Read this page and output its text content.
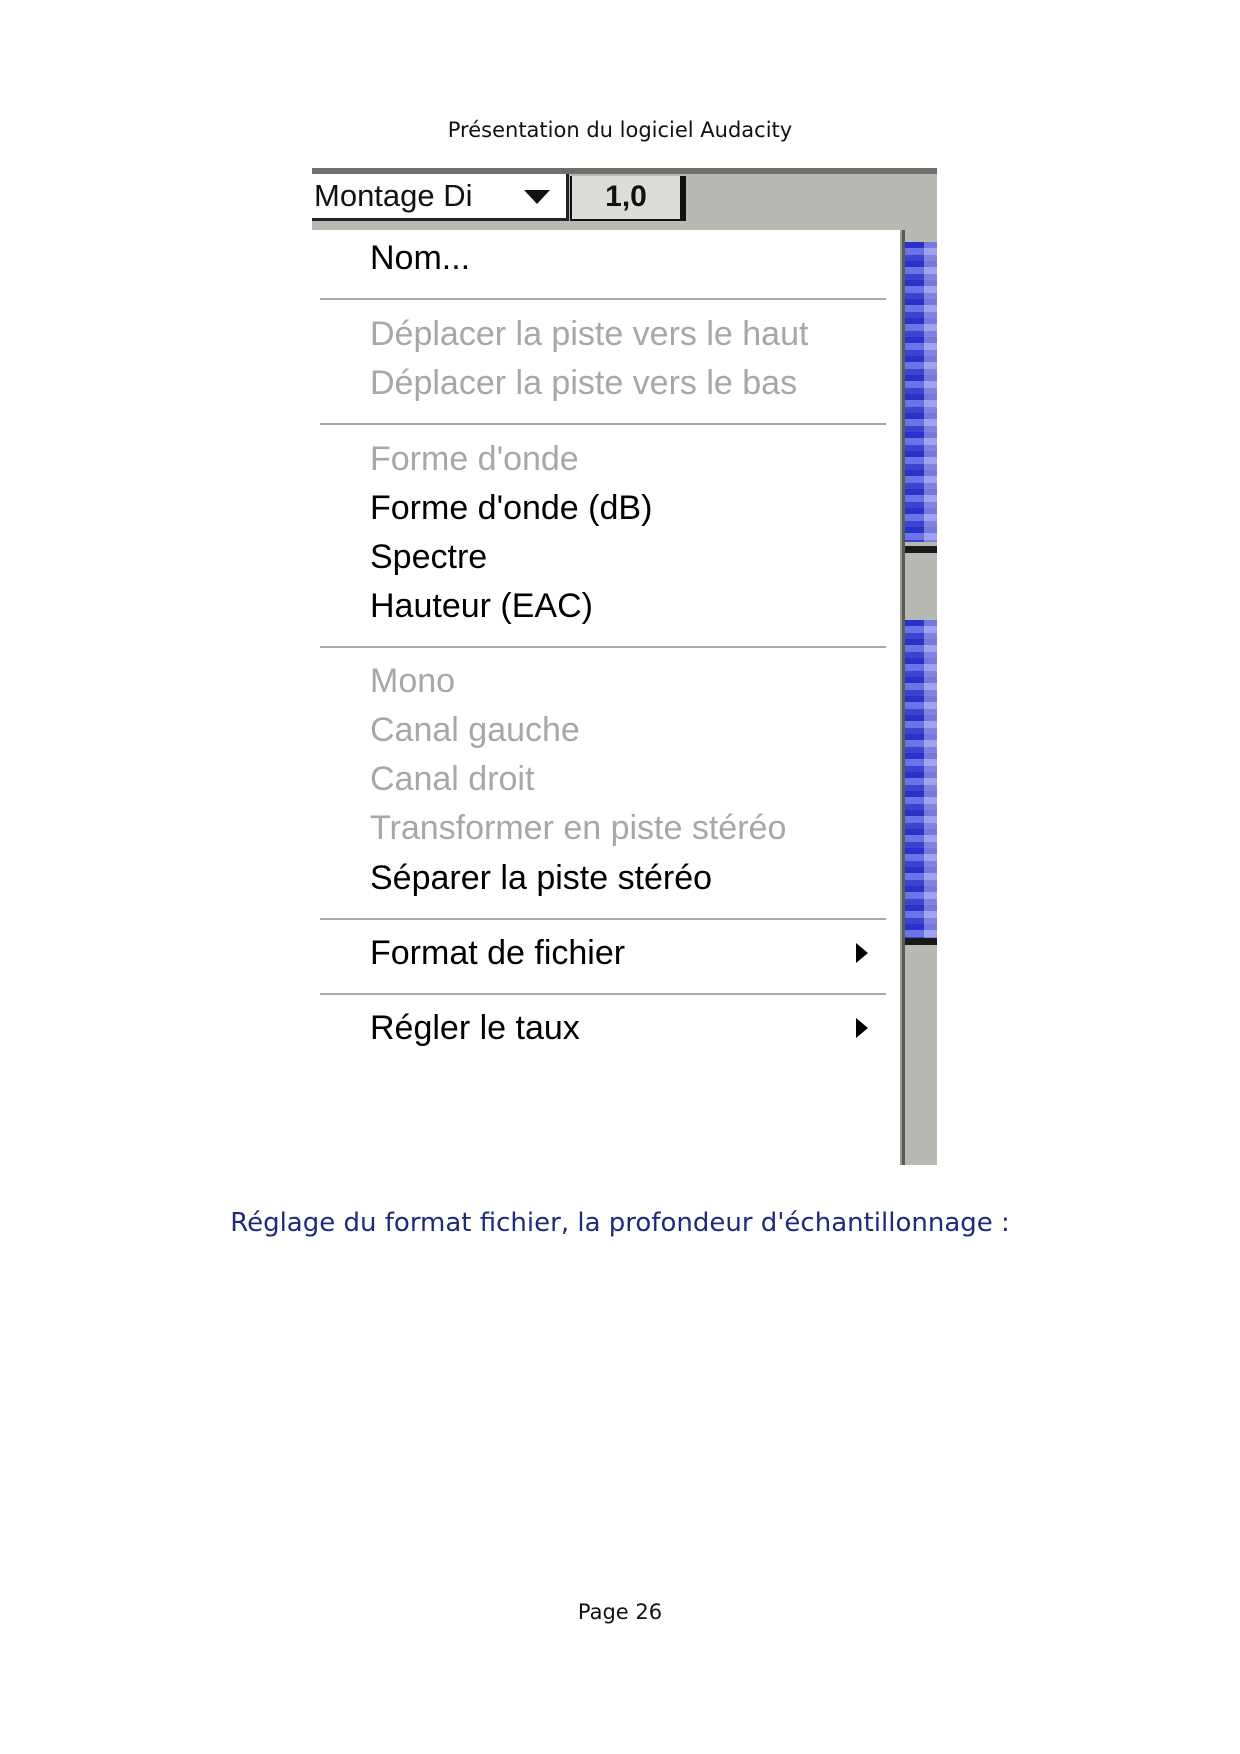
Présentation du logiciel Audacity
Montage Di	1,0
Nom...
Déplacer la piste vers le haut
Déplacer la piste vers le bas
Forme d'onde
Forme d'onde (dB)
Spectre
Hauteur (EAC)
Mono
Canal gauche
Canal droit
Transformer en piste stéréo
Séparer la piste stéréo
Format de fichier
Régler le taux
Réglage du format fichier, la profondeur d'échantillonnage :
Page 26
